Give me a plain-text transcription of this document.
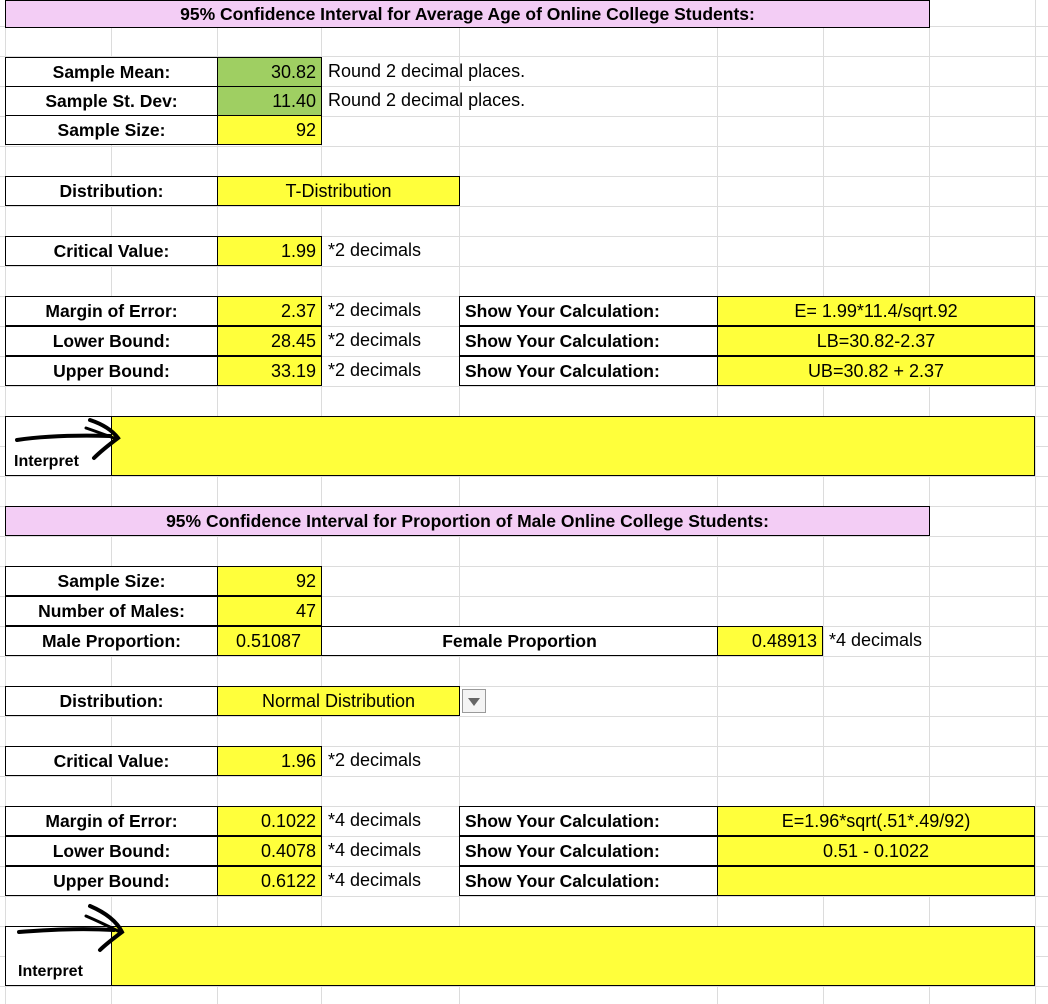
95% Confidence Interval for Average Age of Online College Students:
Sample Mean:	30.82 Round 2 decimal places.
Sample St. Dev:	11.40 Round 2 decimal places.
Sample Size:	92
Distribution:	T-Distribution
Critical Value:	1.99 *2 decimals
Margin of Error:	2.37 *2 decimals	Show Your Calculation:	E= 1.99*11.4/sqrt.92
Lower Bound:	28.45 *2 decimals	Show Your Calculation:	LB=30.82-2.37
Upper Bound:	33.19 *2 decimals	Show Your Calculation:	UB=30.82 + 2.37
Interpret
95% Confidence Interval for Proportion of Male Online College Students:
Sample Size:	92
Number of Males:	47
Male Proportion:	0.51087	Female Proportion	0.48913 *4 decimals
Distribution:	Normal Distribution
Critical Value:	1.96 *2 decimals
Margin of Error:	0.1022 *4 decimals	Show Your Calculation:	E=1.96*sqrt(.51*.49/92)
Lower Bound:	0.4078 *4 decimals	Show Your Calculation:	0.51 - 0.1022
Upper Bound:	0.6122 *4 decimals	Show Your Calculation:
Interpret
